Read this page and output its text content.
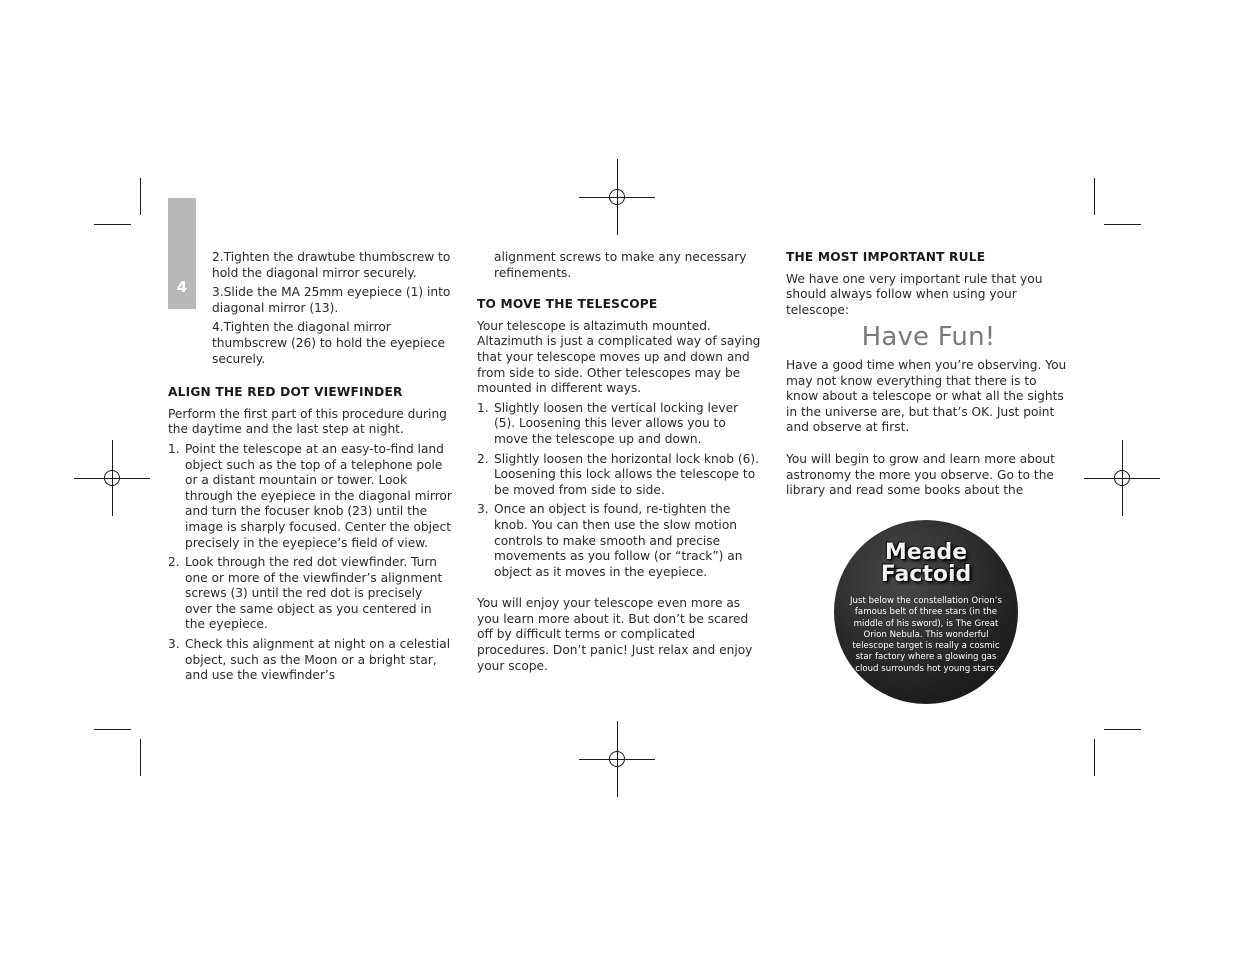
4
2.Tighten the drawtube thumbscrew to hold the diagonal mirror securely.
3.Slide the MA 25mm eyepiece (1) into diagonal mirror (13).
4.Tighten the diagonal mirror thumbscrew (26) to hold the eyepiece securely.
ALIGN THE RED DOT VIEWFINDER

Perform the first part of this procedure during the daytime and the last step at night.

1. Point the telescope at an easy-to-find land object such as the top of a telephone pole or a distant mountain or tower. Look through the eyepiece in the diagonal mirror and turn the focuser knob (23) until the image is sharply focused. Center the object precisely in the eyepiece’s field of view.
2. Look through the red dot viewfinder. Turn one or more of the viewfinder’s alignment screws (3) until the red dot is precisely over the same object as you centered in the eyepiece.
3. Check this alignment at night on a celestial object, such as the Moon or a bright star, and use the viewfinder’s

alignment screws to make any necessary refinements.

TO MOVE THE TELESCOPE

Your telescope is altazimuth mounted. Altazimuth is just a complicated way of saying that your telescope moves up and down and from side to side. Other telescopes may be mounted in different ways.

1. Slightly loosen the vertical locking lever (5). Loosening this lever allows you to move the telescope up and down.
2. Slightly loosen the horizontal lock knob (6). Loosening this lock allows the telescope to be moved from side to side.
3. Once an object is found, re-tighten the knob. You can then use the slow motion controls to make smooth and precise movements as you follow (or “track”) an object as it moves in the eyepiece.

You will enjoy your telescope even more as you learn more about it. But don’t be scared off by difficult terms or complicated procedures. Don’t panic! Just relax and enjoy your scope.

THE MOST IMPORTANT RULE

We have one very important rule that you should always follow when using your telescope:

Have Fun!

Have a good time when you’re observing. You may not know everything that there is to know about a telescope or what all the sights in the universe are, but that’s OK. Just point and observe at first.

You will begin to grow and learn more about astronomy the more you observe. Go to the library and read some books about the

Meade
Factoid
Just below the constellation Orion’s famous belt of three stars (in the middle of his sword), is The Great Orion Nebula. This wonderful telescope target is really a cosmic star factory where a glowing gas cloud surrounds hot young stars.
